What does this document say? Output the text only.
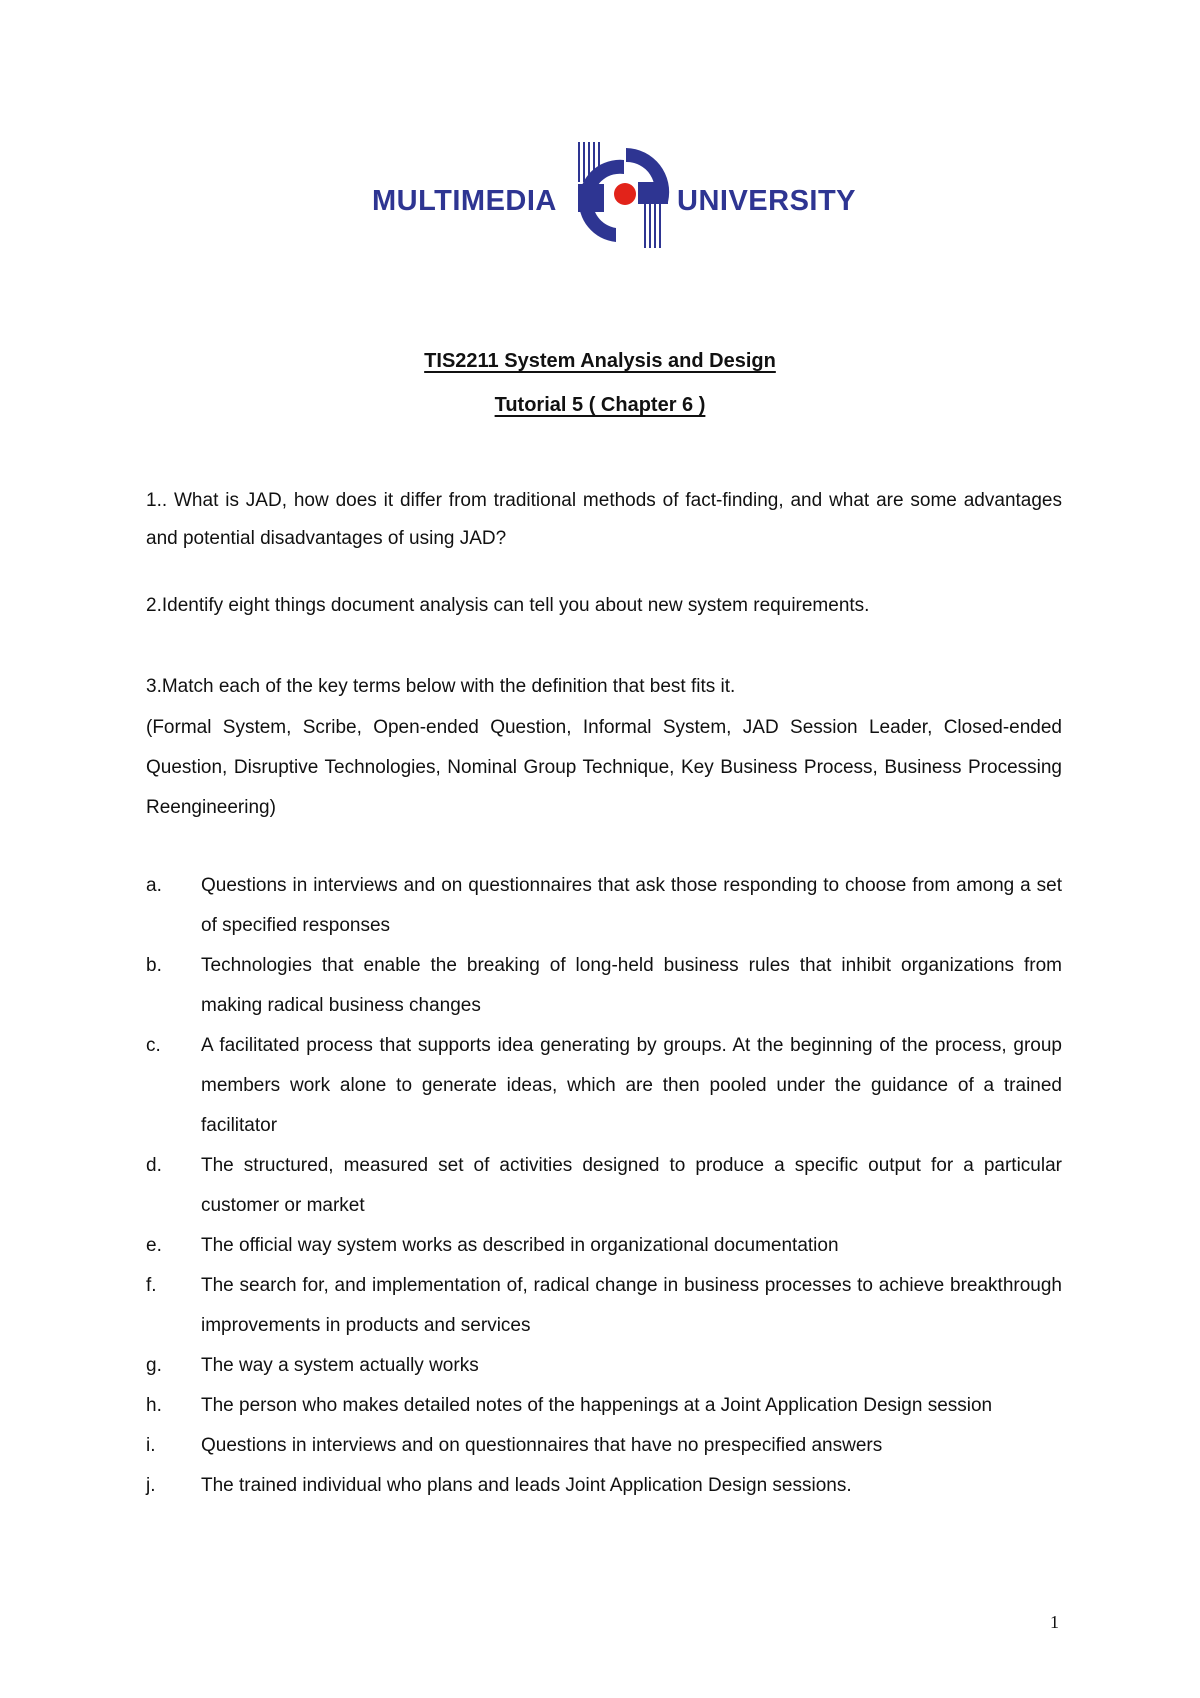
MULTIMEDIA	UNIVERSITY
TIS2211 System Analysis and Design
Tutorial 5 ( Chapter 6 )
1.. What is JAD, how does it differ from traditional methods of fact-finding, and what are some advantages and potential disadvantages of using JAD?
2.Identify eight things document analysis can tell you about new system requirements.
3.Match each of the key terms below with the definition that best fits it.
(Formal System, Scribe, Open-ended Question, Informal System, JAD Session Leader, Closed-ended Question, Disruptive Technologies, Nominal Group Technique, Key Business Process, Business Processing Reengineering)
a.	Questions in interviews and on questionnaires that ask those responding to choose from among a set of specified responses
b.	Technologies that enable the breaking of long-held business rules that inhibit organizations from making radical business changes
c.	A facilitated process that supports idea generating by groups. At the beginning of the process, group members work alone to generate ideas, which are then pooled under the guidance of a trained facilitator
d.	The structured, measured set of activities designed to produce a specific output for a particular customer or market
e.	The official way system works as described in organizational documentation
f.	The search for, and implementation of, radical change in business processes to achieve breakthrough improvements in products and services
g.	The way a system actually works
h.	The person who makes detailed notes of the happenings at a Joint Application Design session
i.	Questions in interviews and on questionnaires that have no prespecified answers
j.	The trained individual who plans and leads Joint Application Design sessions.
1
